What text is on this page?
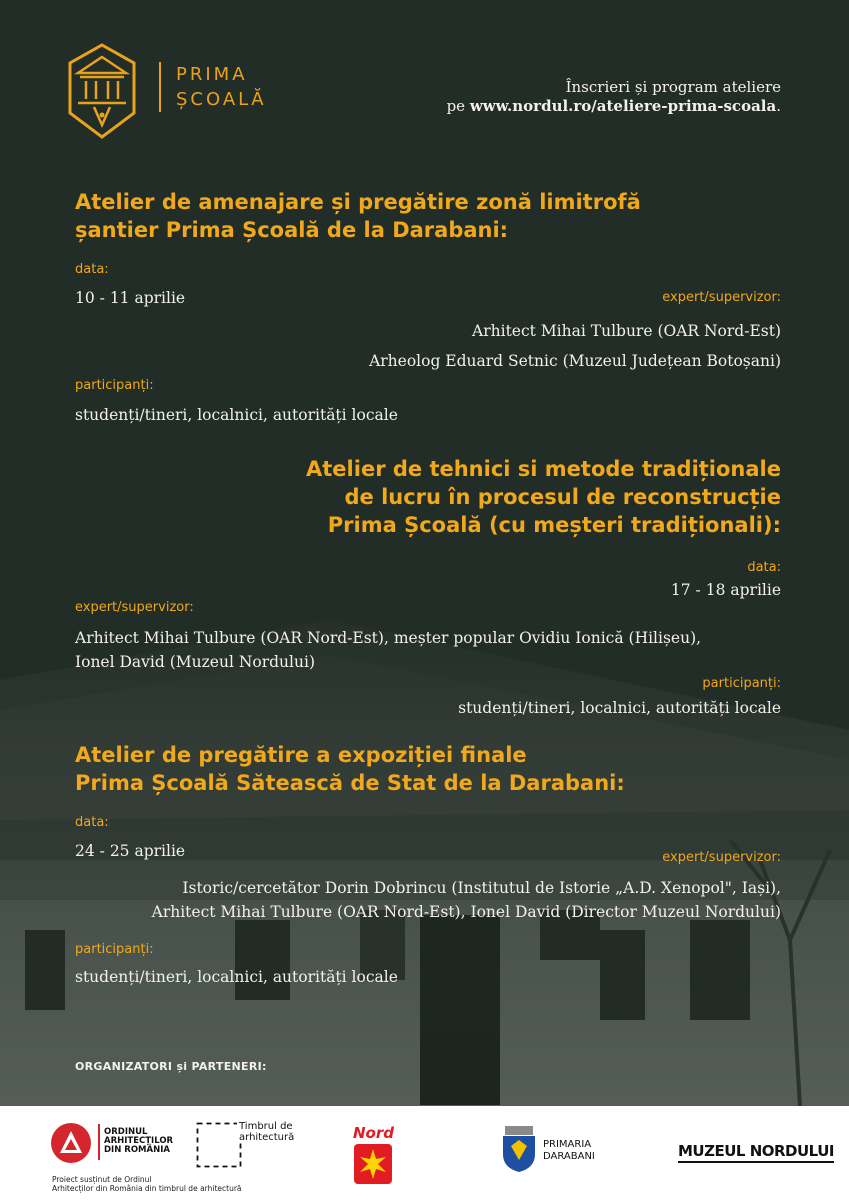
PRIMA
ȘCOALĂ
Înscrieri și program ateliere
pe www.nordul.ro/ateliere-prima-scoala.
Atelier de amenajare și pregătire zonă limitrofă
șantier Prima Școală de la Darabani:
data:
10 - 11 aprilie	expert/supervizor:
Arhitect Mihai Tulbure (OAR Nord-Est)
Arheolog Eduard Setnic (Muzeul Județean Botoșani)
participanți:
studenți/tineri, localnici, autorități locale
Atelier de tehnici si metode tradiționale
de lucru în procesul de reconstrucție
Prima Școală (cu meșteri tradiționali):
data:
17 - 18 aprilie
expert/supervizor:
Arhitect Mihai Tulbure (OAR Nord-Est), meșter popular Ovidiu Ionică (Hilișeu),
Ionel David (Muzeul Nordului)
participanți:
studenți/tineri, localnici, autorități locale
Atelier de pregătire a expoziției finale
Prima Școală Sătească de Stat de la Darabani:
data:
24 - 25 aprilie	expert/supervizor:
Istoric/cercetător Dorin Dobrincu (Institutul de Istorie „A.D. Xenopol", Iași),
Arhitect Mihai Tulbure (OAR Nord-Est), Ionel David (Director Muzeul Nordului)
participanți:
studenți/tineri, localnici, autorități locale
ORGANIZATORI și PARTENERI:
ORDINUL
ARHITECȚILOR
DIN ROMÂNIA
Proiect susținut de Ordinul
Arhitecților din România din timbrul de arhitectură
Timbrul de
arhitectură	Nord
PRIMARIA
DARABANI	MUZEUL NORDULUI
